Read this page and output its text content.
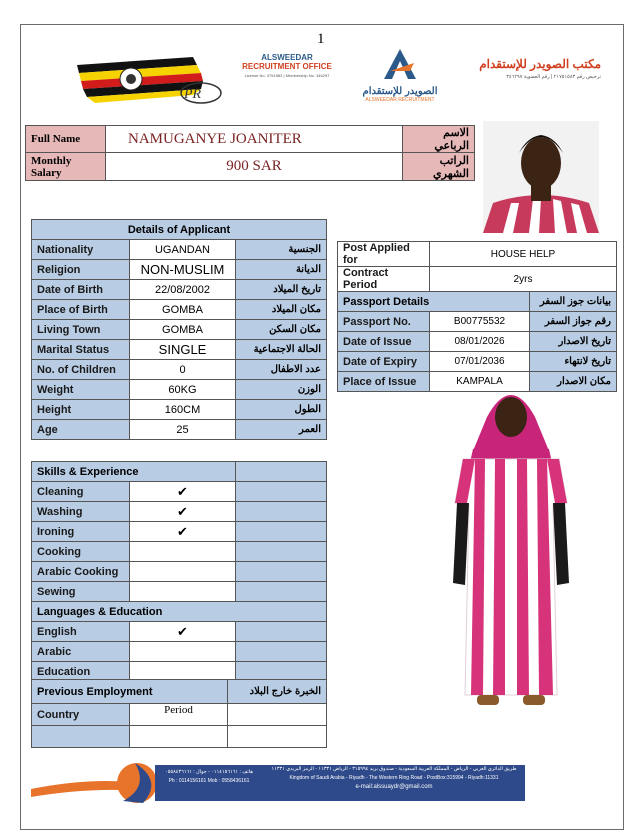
1
PR
ALSWEEDAR
RECRUITMENT OFFICE
License No. 3751583 | Membership No. 346297
الصويدر للإستقدام
ALSWEEDAR RECRUITMENT
مكتب الصويدر للإستقدام
ترخيص رقم ٢١٧٥١٥٨٣ | رقم العضوية ٣٤٦٢٩٧
Full Name	NAMUGANYE JOANITER	الاسم الرباعي
Monthly Salary	900 SAR	الراتب الشهري
Details of Applicant		
Nationality	UGANDAN	الجنسية
Religion	NON-MUSLIM	الديانة
Date of Birth	22/08/2002	تاريخ الميلاد
Place of Birth	GOMBA	مكان الميلاد
Living Town	GOMBA	مكان السكن
Marital Status	SINGLE	الحالة الاجتماعية
No. of Children	0	عدد الاطفال
Weight	60KG	الوزن
Height	160CM	الطول
Age	25	العمر
Post Applied for	HOUSE HELP	
Contract Period	2yrs	
Passport Details		بيانات جوز السفر
Passport No.	B00775532	رقم جواز السفر
Date of Issue	08/01/2026	تاريخ الاصدار
Date of Expiry	07/01/2036	تاريخ لانتهاء
Place of Issue	KAMPALA	مكان الاصدار
Skills & Experience		
Cleaning	✔	
Washing	✔	
Ironing	✔	
Cooking		
Arabic Cooking		
Sewing		
Languages & Education		
English	✔	
Arabic		
Education		
Previous Employment		الخبرة خارج البلاد
Country	Period	

هاتف : ٠١١٤١٥٦١٦١ - جوال : ٠٥٥٨٤٣٦١٦١
Ph : 0114156161 Mob : 0558436161
طريق الدائري الغربي - الرياض - المملكة العربية السعودية - صندوق بريد ٣١٥٩٩٤ - الرياض ١١٣٣١ - الرمز البريدي ١١٣٣١
Kingdom of Saudi Arabia - Riyadh - The Western Ring Road - PostBox:315994 - Riyadh:11331
e-mail:alssuaydr@gmail.com
